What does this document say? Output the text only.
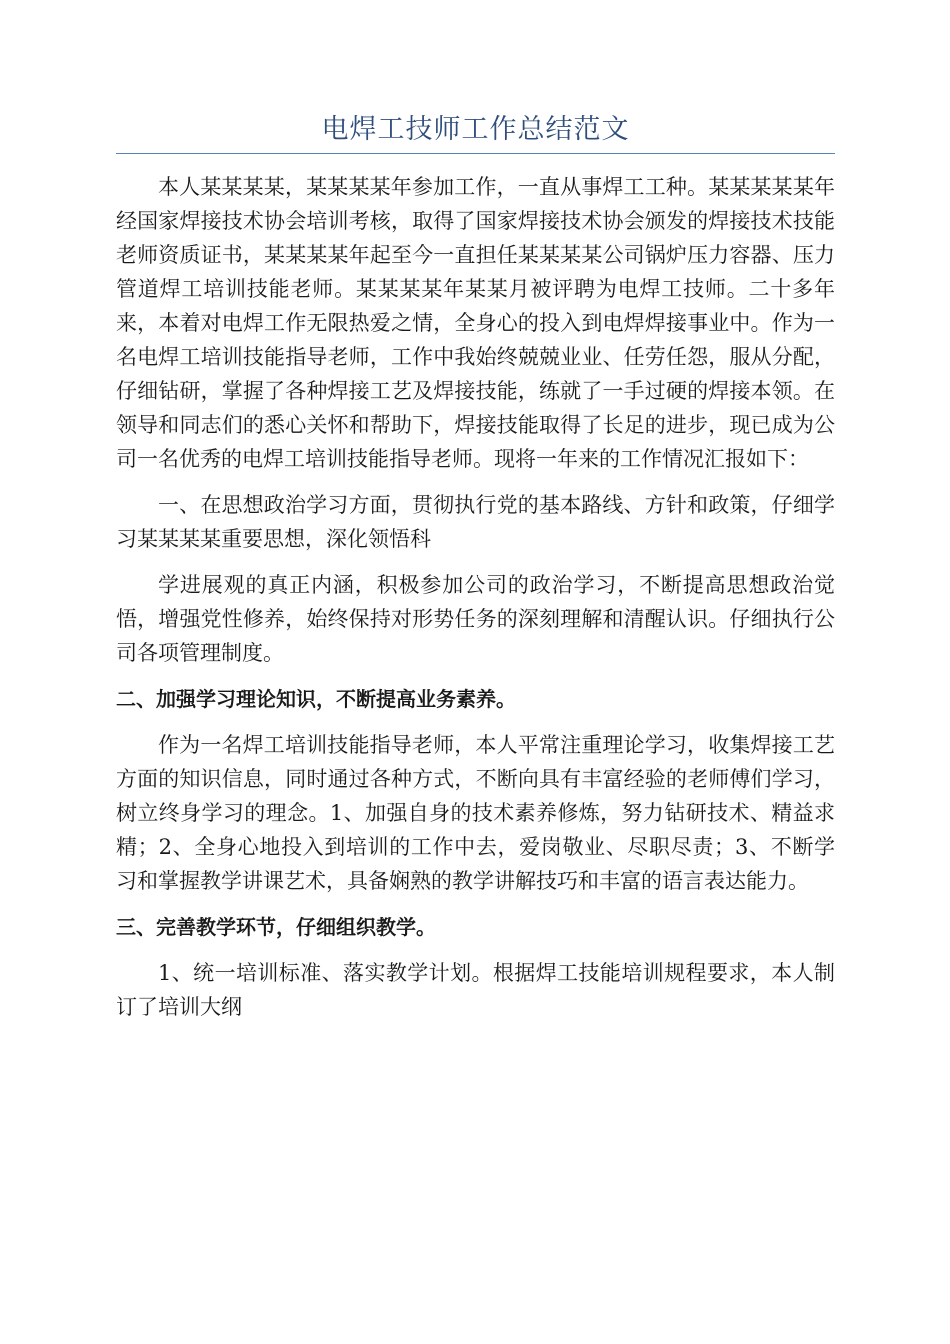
电焊工技师工作总结范文

本人某某某某，某某某某年参加工作，一直从事焊工工种。某某某某某年经国家焊接技术协会培训考核，取得了国家焊接技术协会颁发的焊接技术技能老师资质证书，某某某某年起至今一直担任某某某某公司锅炉压力容器、压力管道焊工培训技能老师。某某某某年某某月被评聘为电焊工技师。二十多年来，本着对电焊工作无限热爱之情，全身心的投入到电焊焊接事业中。作为一名电焊工培训技能指导老师，工作中我始终兢兢业业、任劳任怨，服从分配，仔细钻研，掌握了各种焊接工艺及焊接技能，练就了一手过硬的焊接本领。在领导和同志们的悉心关怀和帮助下，焊接技能取得了长足的进步，现已成为公司一名优秀的电焊工培训技能指导老师。现将一年来的工作情况汇报如下：

一、在思想政治学习方面，贯彻执行党的基本路线、方针和政策，仔细学习某某某某重要思想，深化领悟科

学进展观的真正内涵，积极参加公司的政治学习，不断提高思想政治觉悟，增强党性修养，始终保持对形势任务的深刻理解和清醒认识。仔细执行公司各项管理制度。

二、加强学习理论知识，不断提高业务素养。

作为一名焊工培训技能指导老师，本人平常注重理论学习，收集焊接工艺方面的知识信息，同时通过各种方式，不断向具有丰富经验的老师傅们学习，树立终身学习的理念。1、加强自身的技术素养修炼，努力钻研技术、精益求精；2、全身心地投入到培训的工作中去，爱岗敬业、尽职尽责；3、不断学习和掌握教学讲课艺术，具备娴熟的教学讲解技巧和丰富的语言表达能力。

三、完善教学环节，仔细组织教学。

1、统一培训标准、落实教学计划。根据焊工技能培训规程要求，本人制订了培训大纲
